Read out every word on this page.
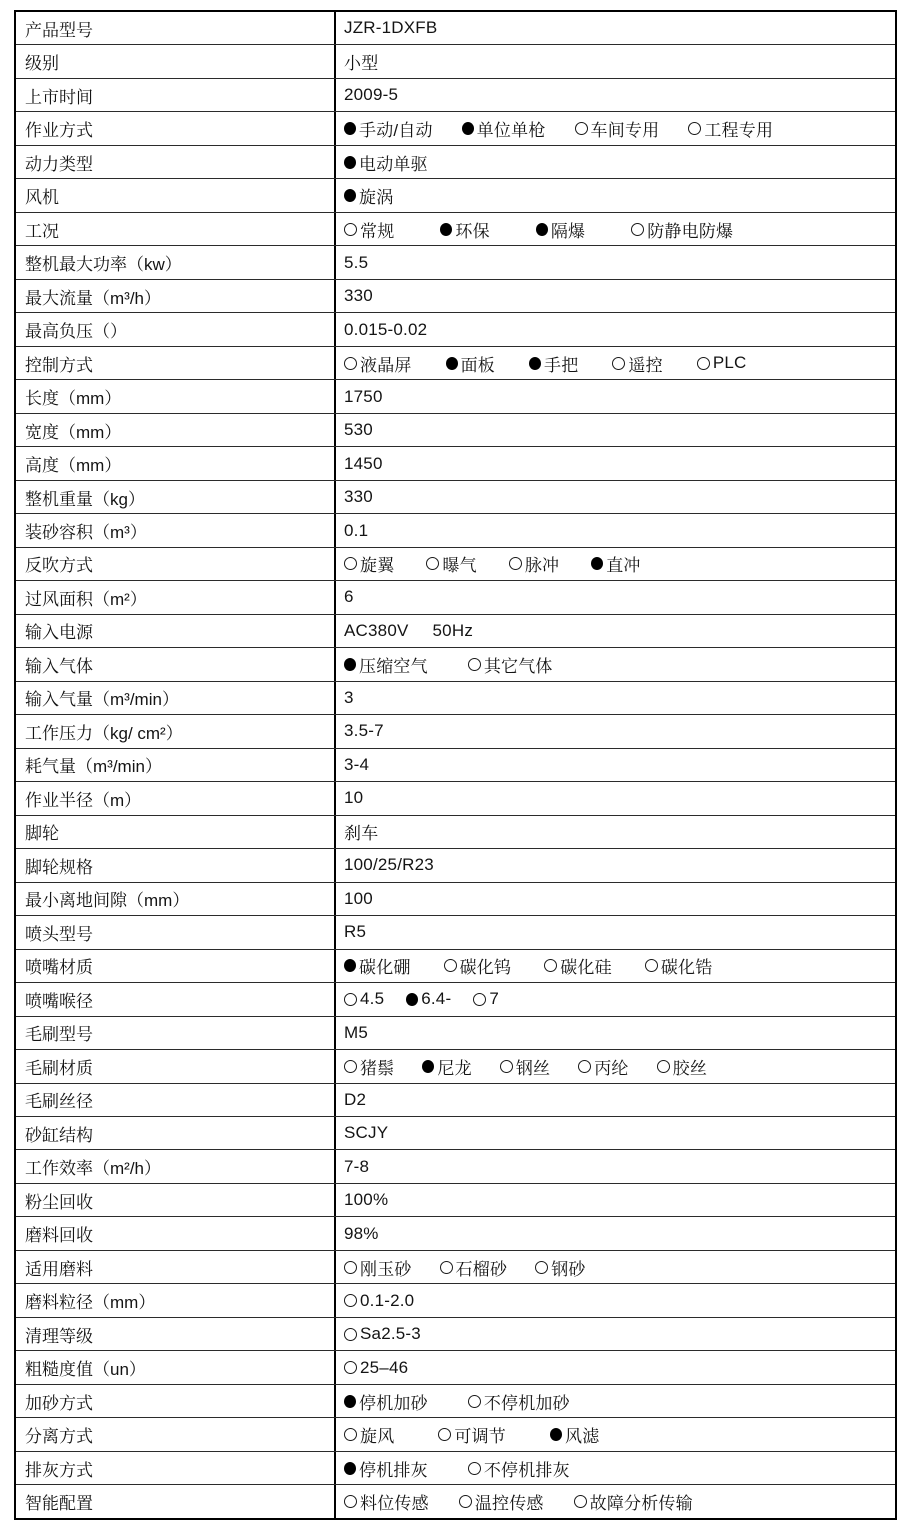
产品型号	JZR-1DXFB
级别	小型
上市时间	2009-5
作业方式	手动/自动	单位单枪	车间专用	工程专用
动力类型	电动单驱
风机	旋涡
工况	常规	环保	隔爆	防静电防爆
整机最大功率（kw）	5.5
最大流量（m³/h）	330
最高负压（）	0.015-0.02
控制方式	液晶屏	面板	手把	遥控	PLC
长度（mm）	1750
宽度（mm）	530
高度（mm）	1450
整机重量（kg）	330
装砂容积（m³）	0.1
反吹方式	旋翼	曝气	脉冲	直冲
过风面积（m²）	6
输入电源	AC380V 50Hz
输入气体	压缩空气	其它气体
输入气量（m³/min）	3
工作压力（kg/ cm²）	3.5-7
耗气量（m³/min）	3-4
作业半径（m）	10
脚轮	刹车
脚轮规格	100/25/R23
最小离地间隙（mm）	100
喷头型号	R5
喷嘴材质	碳化硼	碳化钨	碳化硅	碳化锆
喷嘴喉径	4.5 6.4- 7
毛刷型号	M5
毛刷材质	猪鬃	尼龙	钢丝	丙纶	胶丝
毛刷丝径	D2
砂缸结构	SCJY
工作效率（m²/h）	7-8
粉尘回收	100%
磨料回收	98%
适用磨料	刚玉砂	石榴砂	钢砂
磨料粒径（mm）	0.1-2.0
清理等级	Sa2.5-3
粗糙度值（un）	25–46
加砂方式	停机加砂	不停机加砂
分离方式	旋风	可调节	风滤
排灰方式	停机排灰	不停机排灰
智能配置	料位传感	温控传感	故障分析传输
